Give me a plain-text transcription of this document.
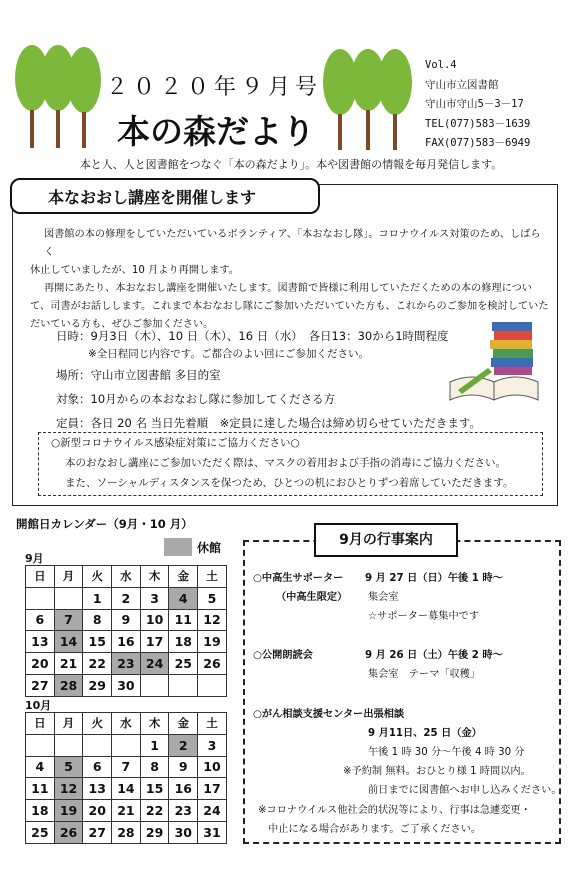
２０２０年９月号
本の森だより
Vol.4
守山市立図書館
守山市守山5－3－17
TEL(077)583－1639
FAX(077)583－6949
本と人、人と図書館をつなぐ「本の森だより」。本や図書館の情報を毎月発信します。
本なおおし講座を開催します
図書館の本の修理をしていただいているボランティア、「本おなおし隊」。コロナウイルス対策のため、しばらく
休止していましたが、10 月より再開します。
再開にあたり、本おなおし講座を開催いたします。図書館で皆様に利用していただくための本の修理につい
て、司書がお話しします。これまで本おなおし隊にご参加いただいていた方も、これからのご参加を検討していた
だいている方も、ぜひご参加ください。
日時：9月3日（木）、10 日（木）、16 日（水）　各日13：30から1時間程度
※全日程同じ内容です。ご都合のよい回にご参加ください。
場所：守山市立図書館 多目的室
対象：10月からの本おなおし隊に参加してくださる方
定員：各日 20 名 当日先着順　※定員に達した場合は締め切らせていただきます。
○新型コロナウイルス感染症対策にご協力ください○
本のおなおし講座にご参加いただく際は、マスクの着用および手指の消毒にご協力ください。
また、ソーシャルディスタンスを保つため、ひとつの机におひとりずつ着席していただきます。
開館日カレンダー（9月・10 月）
休館
9月
日	月	火	水	木	金	土
		1	2	3	4	5
6	7	8	9	10	11	12
13	14	15	16	17	18	19
20	21	22	23	24	25	26
27	28	29	30			
10月
日	月	火	水	木	金	土
				1	2	3
4	5	6	7	8	9	10
11	12	13	14	15	16	17
18	19	20	21	22	23	24
25	26	27	28	29	30	31
9月の行事案内
○中高生サポーター 9 月 27 日（日）午後 1 時～
（中高生限定） 集会室
☆サポーター募集中です
○公開朗読会	9 月 26 日（土）午後 2 時～
集会室　テーマ「収穫」
○がん相談支援センター出張相談
9 月11日、25 日（金）
午後 1 時 30 分～午後 4 時 30 分
※予約制 無料。おひとり様 1 時間以内。
前日までに図書館へお申し込みください。
※コロナウイルス他社会的状況等により、行事は急遽変更・
中止になる場合があります。ご了承ください。
